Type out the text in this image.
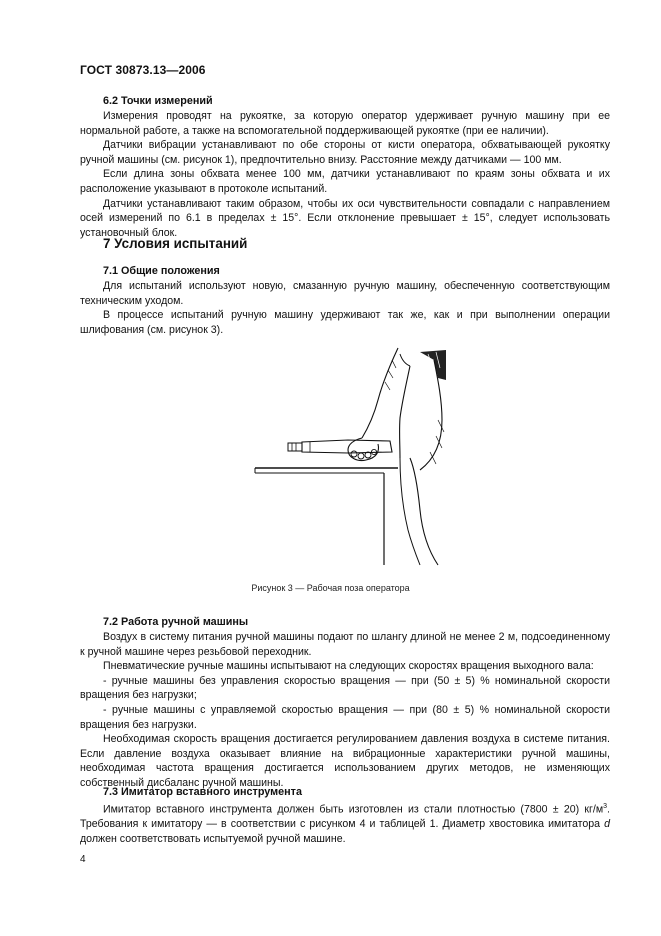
ГОСТ 30873.13—2006
6.2 Точки измерений

Измерения проводят на рукоятке, за которую оператор удерживает ручную машину при ее нормальной работе, а также на вспомогательной поддерживающей рукоятке (при ее наличии).

Датчики вибрации устанавливают по обе стороны от кисти оператора, обхватывающей рукоятку ручной машины (см. рисунок 1), предпочтительно внизу. Расстояние между датчиками — 100 мм.

Если длина зоны обхвата менее 100 мм, датчики устанавливают по краям зоны обхвата и их расположение указывают в протоколе испытаний.

Датчики устанавливают таким образом, чтобы их оси чувствительности совпадали с направлением осей измерений по 6.1 в пределах ± 15°. Если отклонение превышает ± 15°, следует использовать установочный блок.

7 Условия испытаний
7.1 Общие положения

Для испытаний используют новую, смазанную ручную машину, обеспеченную соответствующим техническим уходом.

В процессе испытаний ручную машину удерживают так же, как и при выполнении операции шлифования (см. рисунок 3).

Рисунок 3 — Рабочая поза оператора
7.2 Работа ручной машины

Воздух в систему питания ручной машины подают по шлангу длиной не менее 2 м, подсоединенному к ручной машине через резьбовой переходник.

Пневматические ручные машины испытывают на следующих скоростях вращения выходного вала:

- ручные машины без управления скоростью вращения — при (50 ± 5) % номинальной скорости вращения без нагрузки;

- ручные машины с управляемой скоростью вращения — при (80 ± 5) % номинальной скорости вращения без нагрузки.

Необходимая скорость вращения достигается регулированием давления воздуха в системе питания. Если давление воздуха оказывает влияние на вибрационные характеристики ручной машины, необходимая частота вращения достигается использованием других методов, не изменяющих собственный дисбаланс ручной машины.

7.3 Имитатор вставного инструмента

Имитатор вставного инструмента должен быть изготовлен из стали плотностью (7800 ± 20) $кг/м^3$. Требования к имитатору — в соответствии с рисунком 4 и таблицей 1. Диаметр хвостовика имитатора d должен соответствовать испытуемой ручной машине.

4
